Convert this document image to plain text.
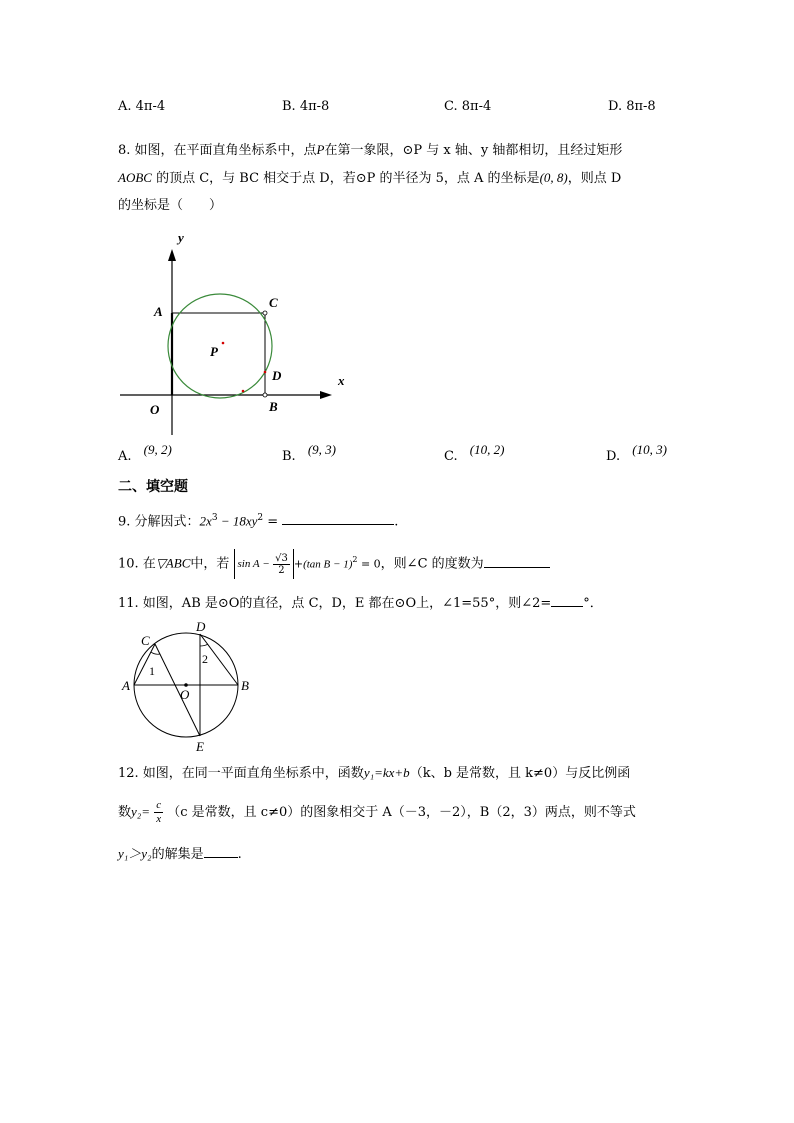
A. 4π-4	B. 4π-8	C. 8π-4	D. 8π-8
8. 如图，在平面直角坐标系中，点P在第一象限，⊙P 与 x 轴、y 轴都相切，且经过矩形
AOBC 的顶点 C，与 BC 相交于点 D，若⊙P 的半径为 5，点 A 的坐标是(0, 8)，则点 D
的坐标是（　　）
y
x
A
C
P
D
O	B
A. (9, 2)	B. (9, 3)	C. (10, 2)	D. (10, 3)
二、填空题
9. 分解因式：$2x^3 - 18xy^2$ =	.
10. 在▽ABC中，若 $\sin A - \frac{√3}{2} +(\tan$ B − 1)$^2$ = 0，则∠C 的度数为
11. 如图，AB 是⊙O的直径，点 C，D，E 都在⊙O上，∠1=55°，则∠2= °．
C
D
A	B
O
E
1
2
12. 如图，在同一平面直角坐标系中，函数y₁=kx+b（k、b 是常数，且 k≠0）与反比例函
数$y_2= \frac{c}{x} (c$ 是常数，且 c≠0）的图象相交于 A（－3，－2），B（2，3）两点，则不等式
y₁＞y₂的解集是	.
